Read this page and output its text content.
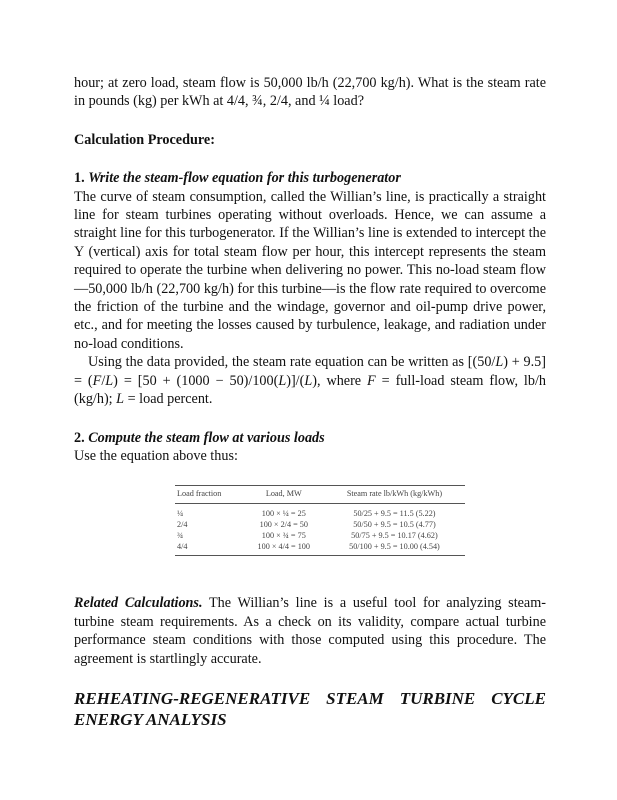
hour; at zero load, steam flow is 50,000 lb/h (22,700 kg/h). What is the steam rate in pounds (kg) per kWh at 4/4, ¾, 2/4, and ¼ load?

Calculation Procedure:

1. Write the steam-flow equation for this turbogenerator

The curve of steam consumption, called the Willian’s line, is practically a straight line for steam turbines operating without overloads. Hence, we can assume a straight line for this turbogenerator. If the Willian’s line is extended to intercept the Y (vertical) axis for total steam flow per hour, this intercept represents the steam required to operate the turbine when delivering no power. This no-load steam flow—50,000 lb/h (22,700 kg/h) for this turbine—is the flow rate required to overcome the friction of the turbine and the windage, governor and oil-pump drive power, etc., and for meeting the losses caused by turbulence, leakage, and radiation under no-load conditions.

Using the data provided, the steam rate equation can be written as [(50/L) + 9.5] = (F/L) = [50 + (1000 − 50)/100(L)]/(L), where F = full-load steam flow, lb/h (kg/h); L = load percent.

2. Compute the steam flow at various loads

Use the equation above thus:

Load fraction	Load, MW	Steam rate lb/kWh (kg/kWh)
¼	100 × ¼ = 25	50/25 + 9.5 = 11.5 (5.22)
2/4	100 × 2/4 = 50	50/50 + 9.5 = 10.5 (4.77)
¾	100 × ¾ = 75	50/75 + 9.5 = 10.17 (4.62)
4/4	100 × 4/4 = 100	50/100 + 9.5 = 10.00 (4.54)

Related Calculations. The Willian’s line is a useful tool for analyzing steam-turbine steam requirements. As a check on its validity, compare actual turbine performance steam conditions with those computed using this procedure. The agreement is startlingly accurate.

REHEATING-REGENERATIVE STEAM TURBINE CYCLE
ENERGY ANALYSIS
